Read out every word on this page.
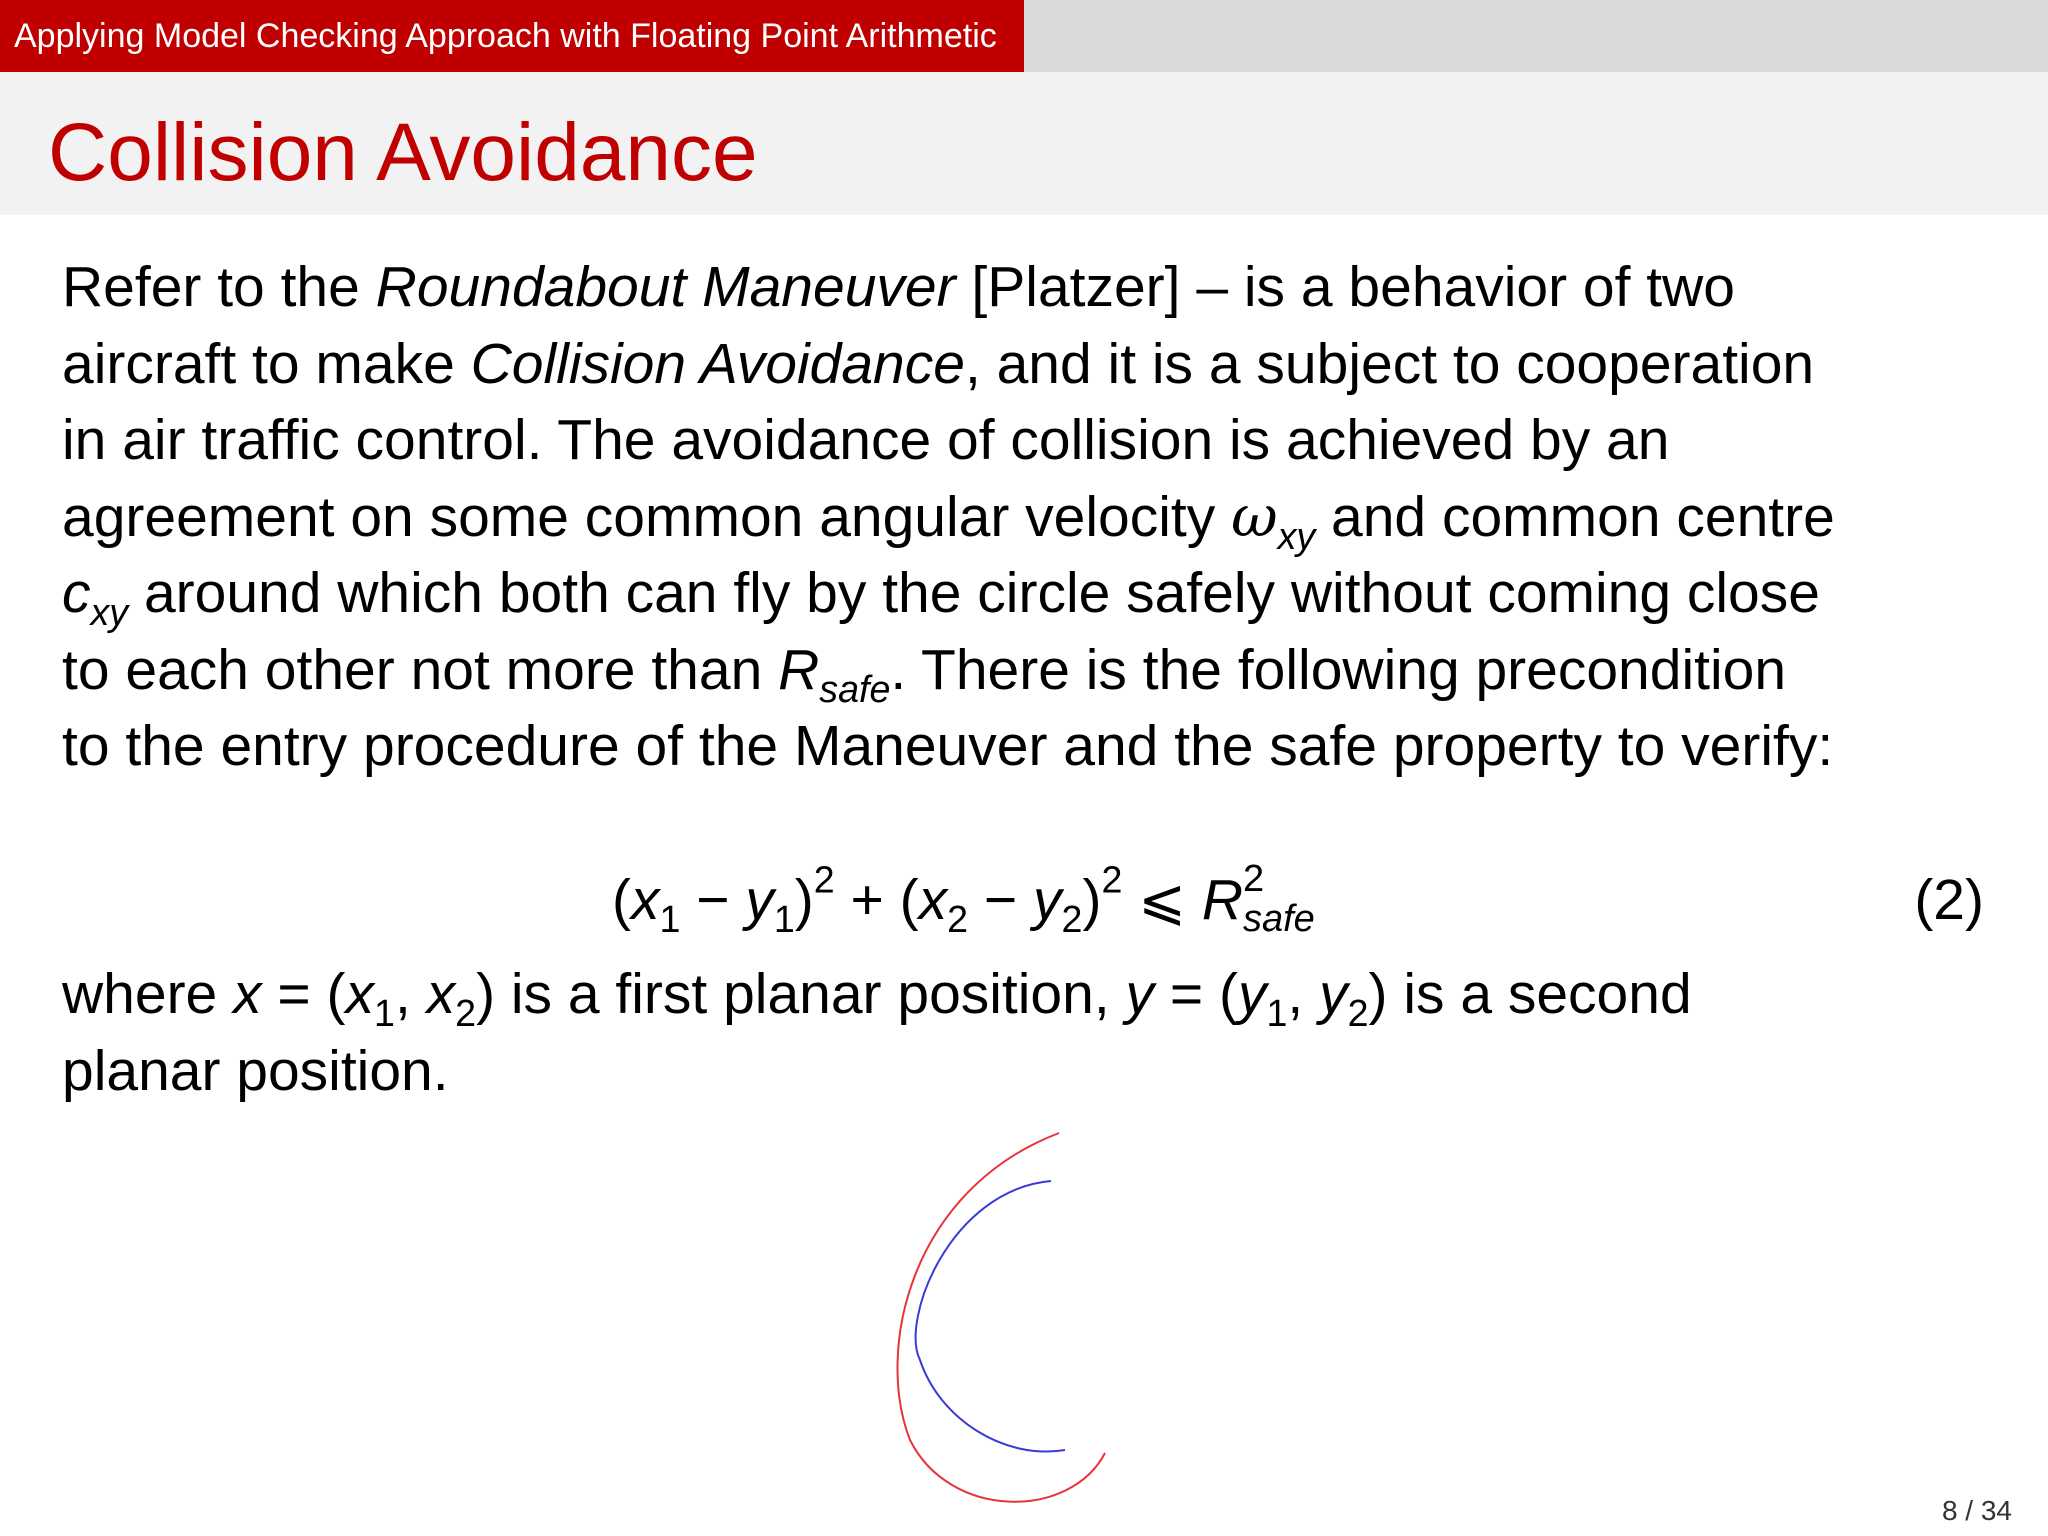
Applying Model Checking Approach with Floating Point Arithmetic
Collision Avoidance
Refer to the Roundabout Maneuver [Platzer] – is a behavior of two
aircraft to make Collision Avoidance, and it is a subject to cooperation
in air traffic control. The avoidance of collision is achieved by an
agreement on some common angular velocity $\omega_{xy}$ and common centre
$c_{xy}$ around which both can fly by the circle safely without coming close
to each other not more than $R_{safe}$. There is the following precondition
to the entry procedure of the Maneuver and the safe property to verify:
$(x_1 - y_1)^2 + (x_2 - y_2)^2$ ⩽ R 2
safe	(2)
where $x = (x_1$, $x_2$) is a first planar position, $y = (y_1$, $y_2$) is a second
planar position.
8 / 34
